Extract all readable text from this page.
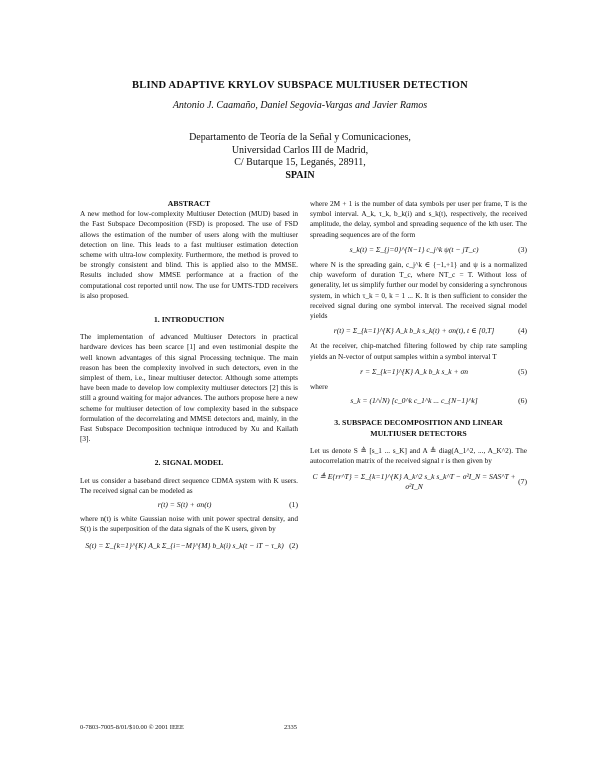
BLIND ADAPTIVE KRYLOV SUBSPACE MULTIUSER DETECTION
Antonio J. Caamaño, Daniel Segovia-Vargas and Javier Ramos
Departamento de Teoría de la Señal y Comunicaciones,
Universidad Carlos III de Madrid,
C/ Butarque 15, Leganés, 28911,
SPAIN
ABSTRACT

A new method for low-complexity Multiuser Detection (MUD) based in the Fast Subspace Decomposition (FSD) is proposed. The use of FSD allows the estimation of the number of users along with the multiuser detection on line. This leads to a fast multiuser estimation detection scheme with ultra-low complexity. Furthermore, the method is proved to be strongly consistent and blind. This is applied also to the MMSE. Results included show MMSE performance at a fraction of the computational cost reported until now. The use for UMTS-TDD receivers is also proposed.

1. INTRODUCTION

The implementation of advanced Multiuser Detectors in practical hardware devices has been scarce [1] and even testimonial despite the well known advantages of this signal Processing technique. The main reason has been the complexity involved in such detectors, even in the simplest of them, i.e., linear multiuser detector. Although some attempts have been made to develop low complexity multiuser detectors [2] this is still a ground waiting for major advances. The authors propose here a new scheme for multiuser detection of low complexity based in the subspace formulation of the decorrelating and MMSE detectors and, mainly, in the Fast Subspace Decomposition technique introduced by Xu and Kailath [3].

2. SIGNAL MODEL

Let us consider a baseband direct sequence CDMA system with K users. The received signal can be modeled as

r(t) = S(t) + σn(t)	(1)

where n(t) is white Gaussian noise with unit power spectral density, and S(t) is the superposition of the data signals of the K users, given by

S(t) = Σ_{k=1}^{K} A_k Σ_{i=−M}^{M} b_k(i) s_k(t − iT − τ_k) (2)

where 2M + 1 is the number of data symbols per user per frame, T is the symbol interval. A_k, τ_k, b_k(i) and s_k(t), respectively, the received amplitude, the delay, symbol and spreading sequence of the kth user. The spreading sequences are of the form

s_k(t) = Σ_{j=0}^{N−1} c_j^k ψ(t − jT_c)	(3)

where N is the spreading gain, c_j^k ∈ {−1,+1} and ψ is a normalized chip waveform of duration T_c, where NT_c = T. Without loss of generality, let us simplify further our model by considering a synchronous system, in which τ_k = 0, k = 1 ... K. It is then sufficient to consider the received signal during one symbol interval. The received signal model yields

r(t) = Σ_{k=1}^{K} A_k b_k s_k(t) + σn(t), t ∈ [0,T]	(4)

At the receiver, chip-matched filtering followed by chip rate sampling yields an N-vector of output samples within a symbol interval T

r = Σ_{k=1}^{K} A_k b_k s_k + σn	(5)

where

s_k = (1/√N) [c_0^k c_1^k ... c_{N−1}^k]	(6)
3. SUBSPACE DECOMPOSITION AND LINEAR
MULTIUSER DETECTORS

Let us denote S ≜ [s_1 ... s_K] and A ≜ diag(A_1^2, ..., A_K^2). The autocorrelation matrix of the received signal r is then given by

C ≜ E{rr^T} = Σ_{k=1}^{K} A_k^2 s_k s_k^T − σ²I_N = SAS^T + σ²I_N
(7)
0-7803-7005-8/01/$10.00 © 2001 IEEE	2335
